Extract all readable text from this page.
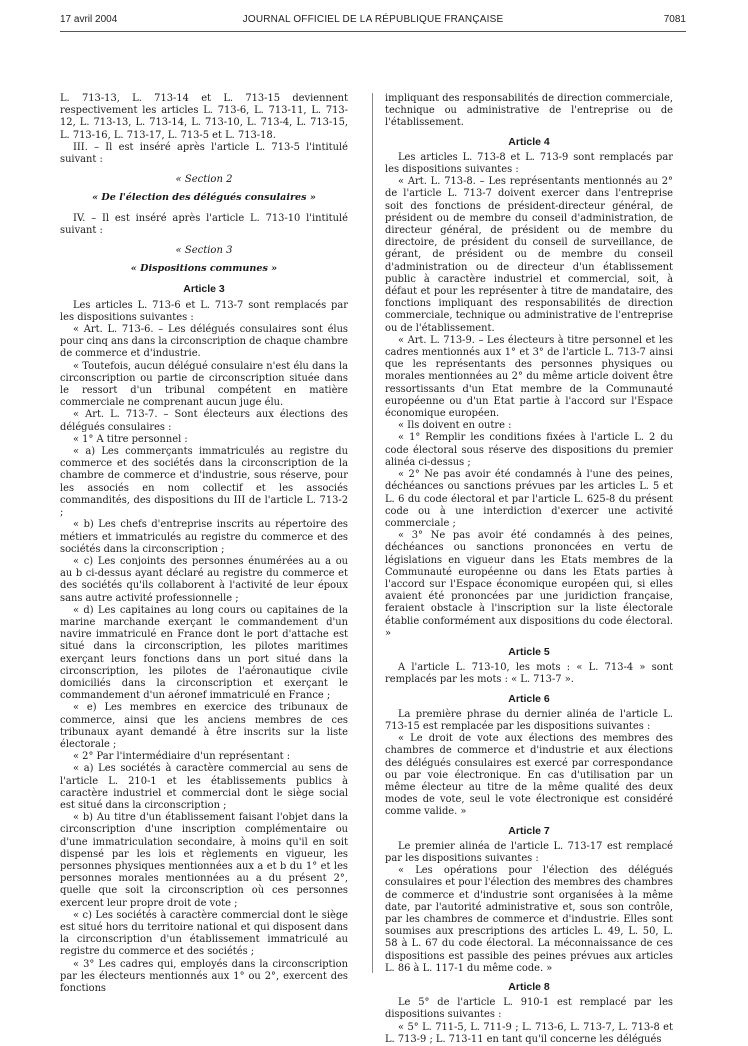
17 avril 2004	JOURNAL OFFICIEL DE LA RÉPUBLIQUE FRANÇAISE	7081

L. 713-13, L. 713-14 et L. 713-15 deviennent respectivement les articles L. 713-6, L. 713-11, L. 713-12, L. 713-13, L. 713-14, L. 713-10, L. 713-4, L. 713-15, L. 713-16, L. 713-17, L. 713-5 et L. 713-18.

III. – Il est inséré après l'article L. 713-5 l'intitulé suivant :

« Section 2
« De l'élection des délégués consulaires »

IV. – Il est inséré après l'article L. 713-10 l'intitulé suivant :

« Section 3
« Dispositions communes »
Article 3

Les articles L. 713-6 et L. 713-7 sont remplacés par les dispositions suivantes :

« Art. L. 713-6. – Les délégués consulaires sont élus pour cinq ans dans la circonscription de chaque chambre de commerce et d'industrie.

« Toutefois, aucun délégué consulaire n'est élu dans la circonscription ou partie de circonscription située dans le ressort d'un tribunal compétent en matière commerciale ne comprenant aucun juge élu.

« Art. L. 713-7. – Sont électeurs aux élections des délégués consulaires :

« 1° A titre personnel :

« a) Les commerçants immatriculés au registre du commerce et des sociétés dans la circonscription de la chambre de commerce et d'industrie, sous réserve, pour les associés en nom collectif et les associés commandités, des dispositions du III de l'article L. 713-2 ;

« b) Les chefs d'entreprise inscrits au répertoire des métiers et immatriculés au registre du commerce et des sociétés dans la circonscription ;

« c) Les conjoints des personnes énumérées au a ou au b ci-dessus ayant déclaré au registre du commerce et des sociétés qu'ils collaborent à l'activité de leur époux sans autre activité professionnelle ;

« d) Les capitaines au long cours ou capitaines de la marine marchande exerçant le commandement d'un navire immatriculé en France dont le port d'attache est situé dans la circonscription, les pilotes maritimes exerçant leurs fonctions dans un port situé dans la circonscription, les pilotes de l'aéronautique civile domiciliés dans la circonscription et exerçant le commandement d'un aéronef immatriculé en France ;

« e) Les membres en exercice des tribunaux de commerce, ainsi que les anciens membres de ces tribunaux ayant demandé à être inscrits sur la liste électorale ;

« 2° Par l'intermédiaire d'un représentant :

« a) Les sociétés à caractère commercial au sens de l'article L. 210-1 et les établissements publics à caractère industriel et commercial dont le siège social est situé dans la circonscription ;

« b) Au titre d'un établissement faisant l'objet dans la circonscription d'une inscription complémentaire ou d'une immatriculation secondaire, à moins qu'il en soit dispensé par les lois et règlements en vigueur, les personnes physiques mentionnées aux a et b du 1° et les personnes morales mentionnées au a du présent 2°, quelle que soit la circonscription où ces personnes exercent leur propre droit de vote ;

« c) Les sociétés à caractère commercial dont le siège est situé hors du territoire national et qui disposent dans la circonscription d'un établissement immatriculé au registre du commerce et des sociétés ;

« 3° Les cadres qui, employés dans la circonscription par les électeurs mentionnés aux 1° ou 2°, exercent des fonctions

impliquant des responsabilités de direction commerciale, technique ou administrative de l'entreprise ou de l'établissement.

Article 4

Les articles L. 713-8 et L. 713-9 sont remplacés par les dispositions suivantes :

« Art. L. 713-8. – Les représentants mentionnés au 2° de l'article L. 713-7 doivent exercer dans l'entreprise soit des fonctions de président-directeur général, de président ou de membre du conseil d'administration, de directeur général, de président ou de membre du directoire, de président du conseil de surveillance, de gérant, de président ou de membre du conseil d'administration ou de directeur d'un établissement public à caractère industriel et commercial, soit, à défaut et pour les représenter à titre de mandataire, des fonctions impliquant des responsabilités de direction commerciale, technique ou administrative de l'entreprise ou de l'établissement.

« Art. L. 713-9. – Les électeurs à titre personnel et les cadres mentionnés aux 1° et 3° de l'article L. 713-7 ainsi que les représentants des personnes physiques ou morales mentionnées au 2° du même article doivent être ressortissants d'un Etat membre de la Communauté européenne ou d'un Etat partie à l'accord sur l'Espace économique européen.

« Ils doivent en outre :

« 1° Remplir les conditions fixées à l'article L. 2 du code électoral sous réserve des dispositions du premier alinéa ci-dessus ;

« 2° Ne pas avoir été condamnés à l'une des peines, déchéances ou sanctions prévues par les articles L. 5 et L. 6 du code électoral et par l'article L. 625-8 du présent code ou à une interdiction d'exercer une activité commerciale ;

« 3° Ne pas avoir été condamnés à des peines, déchéances ou sanctions prononcées en vertu de législations en vigueur dans les Etats membres de la Communauté européenne ou dans les Etats parties à l'accord sur l'Espace économique européen qui, si elles avaient été prononcées par une juridiction française, feraient obstacle à l'inscription sur la liste électorale établie conformément aux dispositions du code électoral. »

Article 5

A l'article L. 713-10, les mots : « L. 713-4 » sont remplacés par les mots : « L. 713-7 ».

Article 6

La première phrase du dernier alinéa de l'article L. 713-15 est remplacée par les dispositions suivantes :

« Le droit de vote aux élections des membres des chambres de commerce et d'industrie et aux élections des délégués consulaires est exercé par correspondance ou par voie électronique. En cas d'utilisation par un même électeur au titre de la même qualité des deux modes de vote, seul le vote électronique est considéré comme valide. »

Article 7

Le premier alinéa de l'article L. 713-17 est remplacé par les dispositions suivantes :

« Les opérations pour l'élection des délégués consulaires et pour l'élection des membres des chambres de commerce et d'industrie sont organisées à la même date, par l'autorité administrative et, sous son contrôle, par les chambres de commerce et d'industrie. Elles sont soumises aux prescriptions des articles L. 49, L. 50, L. 58 à L. 67 du code électoral. La méconnaissance de ces dispositions est passible des peines prévues aux articles L. 86 à L. 117-1 du même code. »

Article 8

Le 5° de l'article L. 910-1 est remplacé par les dispositions suivantes :

« 5° L. 711-5, L. 711-9 ; L. 713-6, L. 713-7, L. 713-8 et L. 713-9 ; L. 713-11 en tant qu'il concerne les délégués
